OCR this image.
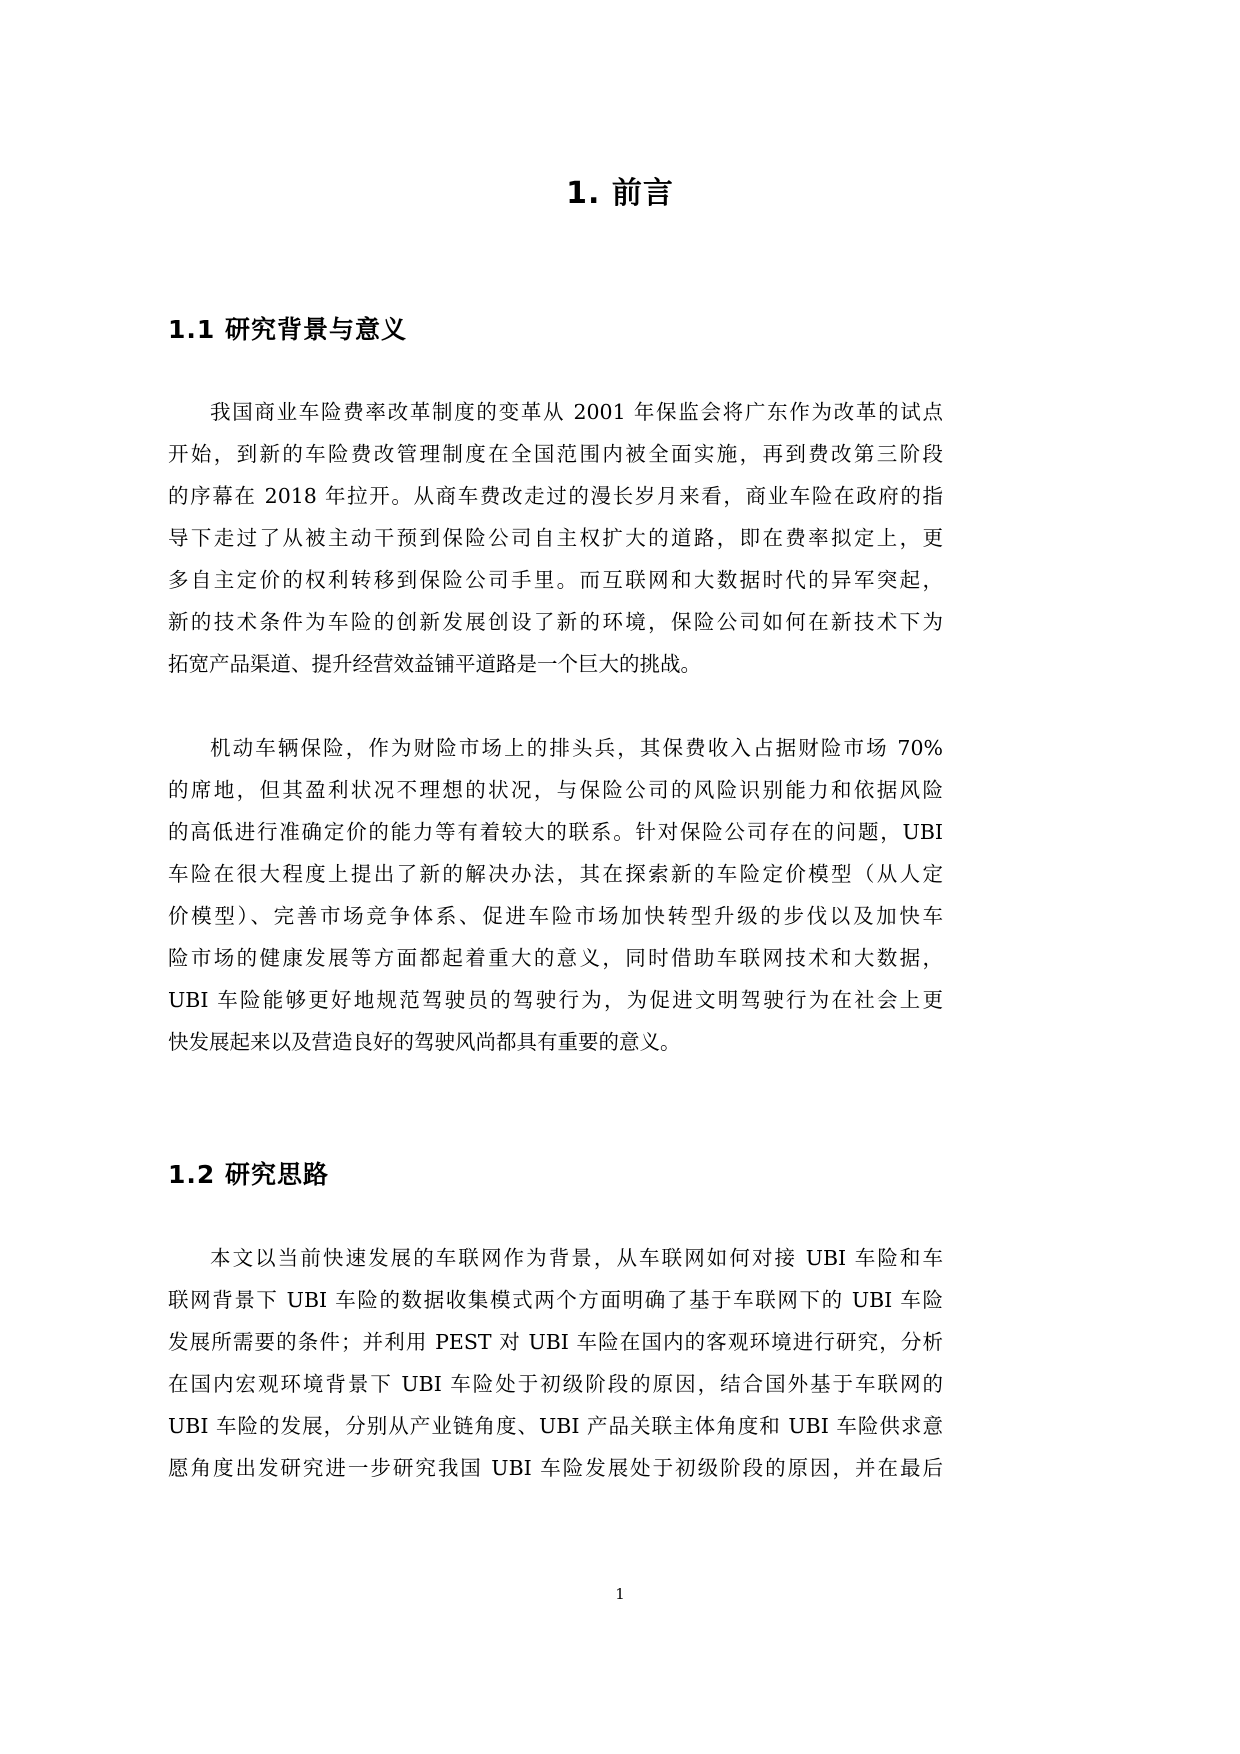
1. 前言
1.1 研究背景与意义
我国商业车险费率改革制度的变革从 2001 年保监会将广东作为改革的试点
开始，到新的车险费改管理制度在全国范围内被全面实施，再到费改第三阶段
的序幕在 2018 年拉开。从商车费改走过的漫长岁月来看，商业车险在政府的指
导下走过了从被主动干预到保险公司自主权扩大的道路，即在费率拟定上，更
多自主定价的权利转移到保险公司手里。而互联网和大数据时代的异军突起，
新的技术条件为车险的创新发展创设了新的环境，保险公司如何在新技术下为
拓宽产品渠道、提升经营效益铺平道路是一个巨大的挑战。
机动车辆保险，作为财险市场上的排头兵，其保费收入占据财险市场 70%
的席地，但其盈利状况不理想的状况，与保险公司的风险识别能力和依据风险
的高低进行准确定价的能力等有着较大的联系。针对保险公司存在的问题，UBI
车险在很大程度上提出了新的解决办法，其在探索新的车险定价模型（从人定
价模型）、完善市场竞争体系、促进车险市场加快转型升级的步伐以及加快车
险市场的健康发展等方面都起着重大的意义，同时借助车联网技术和大数据，
UBI 车险能够更好地规范驾驶员的驾驶行为，为促进文明驾驶行为在社会上更
快发展起来以及营造良好的驾驶风尚都具有重要的意义。
1.2 研究思路
本文以当前快速发展的车联网作为背景，从车联网如何对接 UBI 车险和车
联网背景下 UBI 车险的数据收集模式两个方面明确了基于车联网下的 UBI 车险
发展所需要的条件；并利用 PEST 对 UBI 车险在国内的客观环境进行研究，分析
在国内宏观环境背景下 UBI 车险处于初级阶段的原因，结合国外基于车联网的
UBI 车险的发展，分别从产业链角度、UBI 产品关联主体角度和 UBI 车险供求意
愿角度出发研究进一步研究我国 UBI 车险发展处于初级阶段的原因，并在最后
1
